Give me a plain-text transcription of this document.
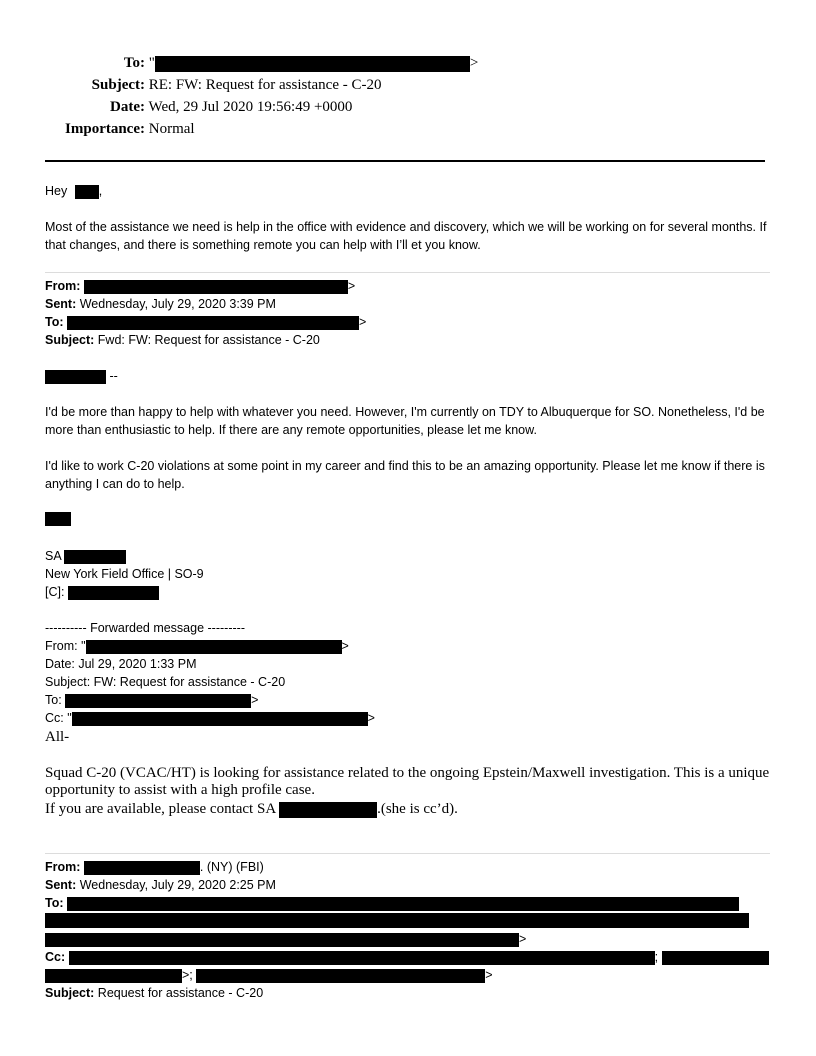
To: "	>
Subject: RE: FW: Request for assistance - C-20
Date: Wed, 29 Jul 2020 19:56:49 +0000
Importance: Normal
Hey	,
Most of the assistance we need is help in the office with evidence and discovery, which we will be working on for several months. If that changes, and there is something remote you can help with I’ll et you know.
From:	>
Sent: Wednesday, July 29, 2020 3:39 PM
To:	>
Subject: Fwd: FW: Request for assistance - C-20
--
I'd be more than happy to help with whatever you need. However, I'm currently on TDY to Albuquerque for SO. Nonetheless, I'd be more than enthusiastic to help. If there are any remote opportunities, please let me know.
I'd like to work C-20 violations at some point in my career and find this to be an amazing opportunity. Please let me know if there is anything I can do to help.
SA
New York Field Office | SO-9
[C]:
---------- Forwarded message ---------
From: "	>
Date: Jul 29, 2020 1:33 PM
Subject: FW: Request for assistance - C-20
To:	>
Cc: "	>
All-
Squad C-20 (VCAC/HT) is looking for assistance related to the ongoing Epstein/Maxwell investigation. This is a unique opportunity to assist with a high profile case.
If you are available, please contact SA	.(she is cc’d).
From:	. (NY) (FBI)
Sent: Wednesday, July 29, 2020 2:25 PM
To:
>
Cc:	;
>;	>
Subject: Request for assistance - C-20
